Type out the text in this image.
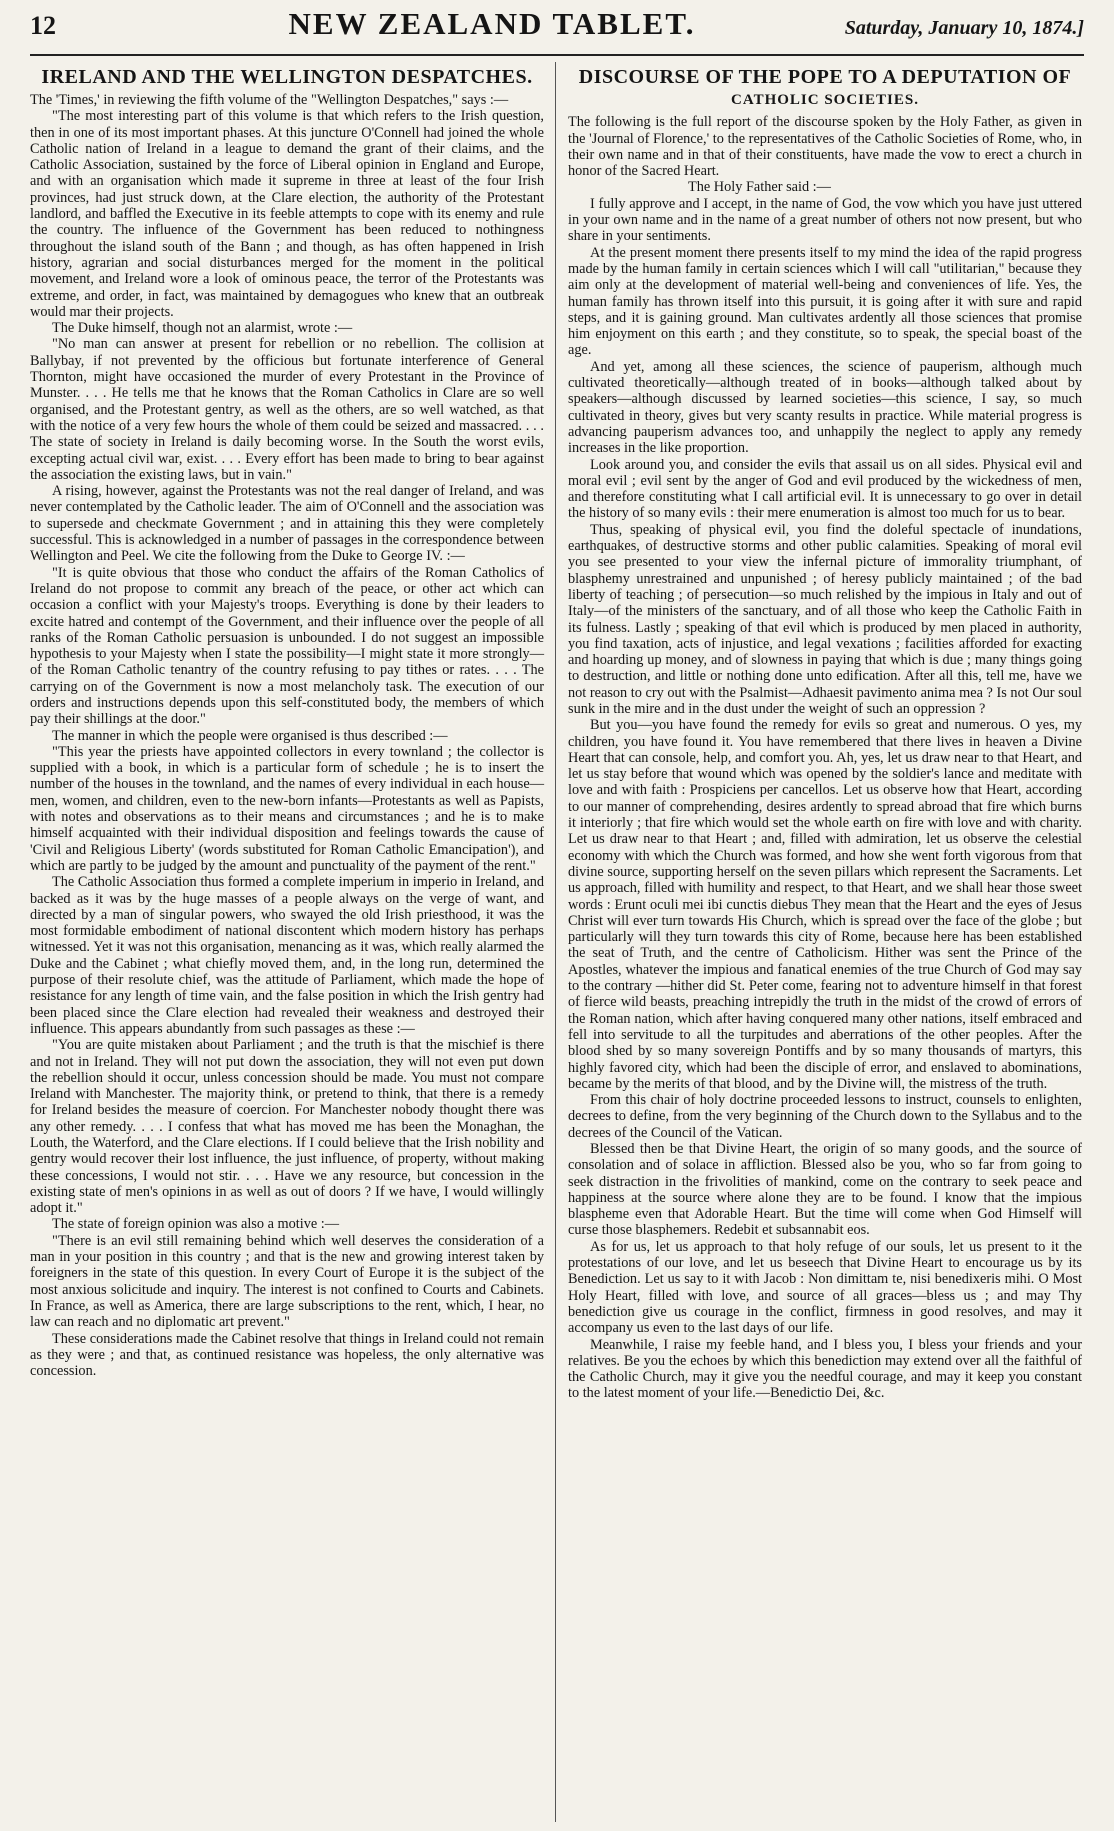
12	NEW ZEALAND TABLET.	Saturday, January 10, 1874.]
IRELAND AND THE WELLINGTON DESPATCHES.

The 'Times,' in reviewing the fifth volume of the "Wellington Despatches," says :—

"The most interesting part of this volume is that which refers to the Irish question, then in one of its most important phases. At this juncture O'Connell had joined the whole Catholic nation of Ireland in a league to demand the grant of their claims, and the Catholic Association, sustained by the force of Liberal opinion in England and Europe, and with an organisation which made it supreme in three at least of the four Irish provinces, had just struck down, at the Clare election, the authority of the Protestant landlord, and baffled the Executive in its feeble attempts to cope with its enemy and rule the country. The influence of the Government has been reduced to nothingness throughout the island south of the Bann ; and though, as has often happened in Irish history, agrarian and social disturbances merged for the moment in the political movement, and Ireland wore a look of ominous peace, the terror of the Protestants was extreme, and order, in fact, was maintained by demagogues who knew that an outbreak would mar their projects.

The Duke himself, though not an alarmist, wrote :—

"No man can answer at present for rebellion or no rebellion. The collision at Ballybay, if not prevented by the officious but fortunate interference of General Thornton, might have occasioned the murder of every Protestant in the Province of Munster. . . . He tells me that he knows that the Roman Catholics in Clare are so well organised, and the Protestant gentry, as well as the others, are so well watched, as that with the notice of a very few hours the whole of them could be seized and massacred. . . . The state of society in Ireland is daily becoming worse. In the South the worst evils, excepting actual civil war, exist. . . . Every effort has been made to bring to bear against the association the existing laws, but in vain."

A rising, however, against the Protestants was not the real danger of Ireland, and was never contemplated by the Catholic leader. The aim of O'Connell and the association was to supersede and checkmate Government ; and in attaining this they were completely successful. This is acknowledged in a number of passages in the correspondence between Wellington and Peel. We cite the following from the Duke to George IV. :—

"It is quite obvious that those who conduct the affairs of the Roman Catholics of Ireland do not propose to commit any breach of the peace, or other act which can occasion a conflict with your Majesty's troops. Everything is done by their leaders to excite hatred and contempt of the Government, and their influence over the people of all ranks of the Roman Catholic persuasion is unbounded. I do not suggest an impossible hypothesis to your Majesty when I state the possibility—I might state it more strongly—of the Roman Catholic tenantry of the country refusing to pay tithes or rates. . . . The carrying on of the Government is now a most melancholy task. The execution of our orders and instructions depends upon this self-constituted body, the members of which pay their shillings at the door."

The manner in which the people were organised is thus described :—

"This year the priests have appointed collectors in every townland ; the collector is supplied with a book, in which is a particular form of schedule ; he is to insert the number of the houses in the townland, and the names of every individual in each house—men, women, and children, even to the new-born infants—Protestants as well as Papists, with notes and observations as to their means and circumstances ; and he is to make himself acquainted with their individual disposition and feelings towards the cause of 'Civil and Religious Liberty' (words substituted for Roman Catholic Emancipation'), and which are partly to be judged by the amount and punctuality of the payment of the rent."

The Catholic Association thus formed a complete imperium in imperio in Ireland, and backed as it was by the huge masses of a people always on the verge of want, and directed by a man of singular powers, who swayed the old Irish priesthood, it was the most formidable embodiment of national discontent which modern history has perhaps witnessed. Yet it was not this organisation, menancing as it was, which really alarmed the Duke and the Cabinet ; what chiefly moved them, and, in the long run, determined the purpose of their resolute chief, was the attitude of Parliament, which made the hope of resistance for any length of time vain, and the false position in which the Irish gentry had been placed since the Clare election had revealed their weakness and destroyed their influence. This appears abundantly from such passages as these :—

"You are quite mistaken about Parliament ; and the truth is that the mischief is there and not in Ireland. They will not put down the association, they will not even put down the rebellion should it occur, unless concession should be made. You must not compare Ireland with Manchester. The majority think, or pretend to think, that there is a remedy for Ireland besides the measure of coercion. For Manchester nobody thought there was any other remedy. . . . I confess that what has moved me has been the Monaghan, the Louth, the Waterford, and the Clare elections. If I could believe that the Irish nobility and gentry would recover their lost influence, the just influence, of property, without making these concessions, I would not stir. . . . Have we any resource, but concession in the existing state of men's opinions in as well as out of doors ? If we have, I would willingly adopt it."

The state of foreign opinion was also a motive :—

"There is an evil still remaining behind which well deserves the consideration of a man in your position in this country ; and that is the new and growing interest taken by foreigners in the state of this question. In every Court of Europe it is the subject of the most anxious solicitude and inquiry. The interest is not confined to Courts and Cabinets. In France, as well as America, there are large subscriptions to the rent, which, I hear, no law can reach and no diplomatic art prevent."

These considerations made the Cabinet resolve that things in Ireland could not remain as they were ; and that, as continued resistance was hopeless, the only alternative was concession.

DISCOURSE OF THE POPE TO A DEPUTATION OF
CATHOLIC SOCIETIES.

The following is the full report of the discourse spoken by the Holy Father, as given in the 'Journal of Florence,' to the representatives of the Catholic Societies of Rome, who, in their own name and in that of their constituents, have made the vow to erect a church in honor of the Sacred Heart.

The Holy Father said :—

I fully approve and I accept, in the name of God, the vow which you have just uttered in your own name and in the name of a great number of others not now present, but who share in your sentiments.

At the present moment there presents itself to my mind the idea of the rapid progress made by the human family in certain sciences which I will call "utilitarian," because they aim only at the development of material well-being and conveniences of life. Yes, the human family has thrown itself into this pursuit, it is going after it with sure and rapid steps, and it is gaining ground. Man cultivates ardently all those sciences that promise him enjoyment on this earth ; and they constitute, so to speak, the special boast of the age.

And yet, among all these sciences, the science of pauperism, although much cultivated theoretically—although treated of in books—although talked about by speakers—although discussed by learned societies—this science, I say, so much cultivated in theory, gives but very scanty results in practice. While material progress is advancing pauperism advances too, and unhappily the neglect to apply any remedy increases in the like proportion.

Look around you, and consider the evils that assail us on all sides. Physical evil and moral evil ; evil sent by the anger of God and evil produced by the wickedness of men, and therefore constituting what I call artificial evil. It is unnecessary to go over in detail the history of so many evils : their mere enumeration is almost too much for us to bear.

Thus, speaking of physical evil, you find the doleful spectacle of inundations, earthquakes, of destructive storms and other public calamities. Speaking of moral evil you see presented to your view the infernal picture of immorality triumphant, of blasphemy unrestrained and unpunished ; of heresy publicly maintained ; of the bad liberty of teaching ; of persecution—so much relished by the impious in Italy and out of Italy—of the ministers of the sanctuary, and of all those who keep the Catholic Faith in its fulness. Lastly ; speaking of that evil which is produced by men placed in authority, you find taxation, acts of injustice, and legal vexations ; facilities afforded for exacting and hoarding up money, and of slowness in paying that which is due ; many things going to destruction, and little or nothing done unto edification. After all this, tell me, have we not reason to cry out with the Psalmist—Adhaesit pavimento anima mea ? Is not Our soul sunk in the mire and in the dust under the weight of such an oppression ?

But you—you have found the remedy for evils so great and numerous. O yes, my children, you have found it. You have remembered that there lives in heaven a Divine Heart that can console, help, and comfort you. Ah, yes, let us draw near to that Heart, and let us stay before that wound which was opened by the soldier's lance and meditate with love and with faith : Prospiciens per cancellos. Let us observe how that Heart, according to our manner of comprehending, desires ardently to spread abroad that fire which burns it interiorly ; that fire which would set the whole earth on fire with love and with charity. Let us draw near to that Heart ; and, filled with admiration, let us observe the celestial economy with which the Church was formed, and how she went forth vigorous from that divine source, supporting herself on the seven pillars which represent the Sacraments. Let us approach, filled with humility and respect, to that Heart, and we shall hear those sweet words : Erunt oculi mei ibi cunctis diebus They mean that the Heart and the eyes of Jesus Christ will ever turn towards His Church, which is spread over the face of the globe ; but particularly will they turn towards this city of Rome, because here has been established the seat of Truth, and the centre of Catholicism. Hither was sent the Prince of the Apostles, whatever the impious and fanatical enemies of the true Church of God may say to the contrary —hither did St. Peter come, fearing not to adventure himself in that forest of fierce wild beasts, preaching intrepidly the truth in the midst of the crowd of errors of the Roman nation, which after having conquered many other nations, itself embraced and fell into servitude to all the turpitudes and aberrations of the other peoples. After the blood shed by so many sovereign Pontiffs and by so many thousands of martyrs, this highly favored city, which had been the disciple of error, and enslaved to abominations, became by the merits of that blood, and by the Divine will, the mistress of the truth.

From this chair of holy doctrine proceeded lessons to instruct, counsels to enlighten, decrees to define, from the very beginning of the Church down to the Syllabus and to the decrees of the Council of the Vatican.

Blessed then be that Divine Heart, the origin of so many goods, and the source of consolation and of solace in affliction. Blessed also be you, who so far from going to seek distraction in the frivolities of mankind, come on the contrary to seek peace and happiness at the source where alone they are to be found. I know that the impious blaspheme even that Adorable Heart. But the time will come when God Himself will curse those blasphemers. Redebit et subsannabit eos.

As for us, let us approach to that holy refuge of our souls, let us present to it the protestations of our love, and let us beseech that Divine Heart to encourage us by its Benediction. Let us say to it with Jacob : Non dimittam te, nisi benedixeris mihi. O Most Holy Heart, filled with love, and source of all graces—bless us ; and may Thy benediction give us courage in the conflict, firmness in good resolves, and may it accompany us even to the last days of our life.

Meanwhile, I raise my feeble hand, and I bless you, I bless your friends and your relatives. Be you the echoes by which this benediction may extend over all the faithful of the Catholic Church, may it give you the needful courage, and may it keep you constant to the latest moment of your life.—Benedictio Dei, &c.
